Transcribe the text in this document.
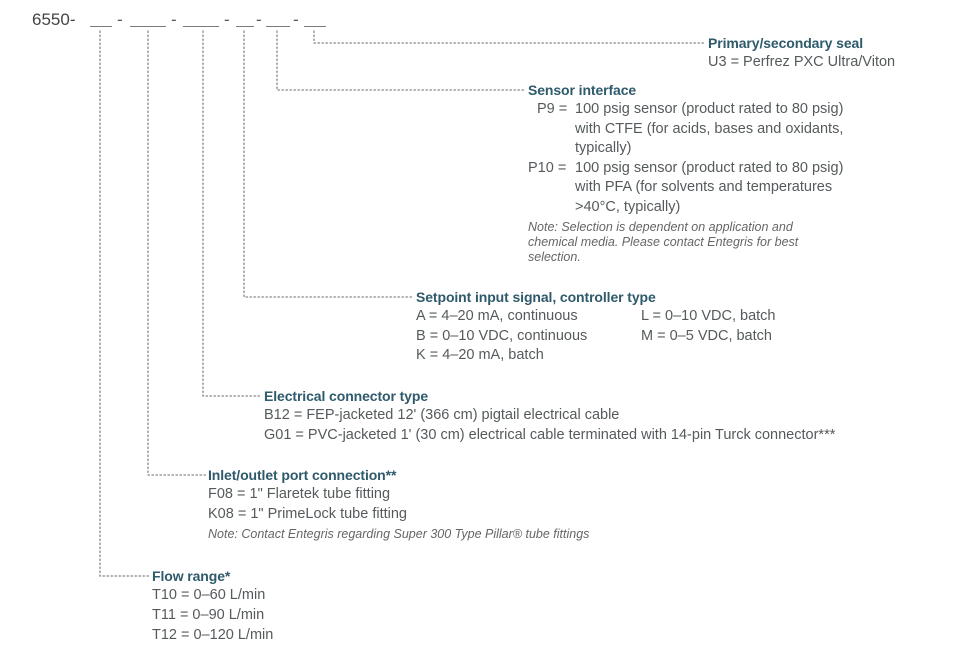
6550- -	-	- - -
Primary/secondary seal
U3 = Perfrez PXC Ultra/Viton
Sensor interface
P9 = 100 psig sensor (product rated to 80 psig)
with CTFE (for acids, bases and oxidants,
typically)
P10 = 100 psig sensor (product rated to 80 psig)
with PFA (for solvents and temperatures
>40°C, typically)
Note: Selection is dependent on application and
chemical media. Please contact Entegris for best
selection.
Setpoint input signal, controller type
A = 4–20 mA, continuous
B = 0–10 VDC, continuous
K = 4–20 mA, batch
L = 0–10 VDC, batch
M = 0–5 VDC, batch
Electrical connector type
B12 = FEP-jacketed 12' (366 cm) pigtail electrical cable
G01 = PVC-jacketed 1' (30 cm) electrical cable terminated with 14-pin Turck connector***
Inlet/outlet port connection**
F08 = 1" Flaretek tube fitting
K08 = 1" PrimeLock tube fitting
Note: Contact Entegris regarding Super 300 Type Pillar® tube fittings
Flow range*
T10 = 0–60 L/min
T11 = 0–90 L/min
T12 = 0–120 L/min
